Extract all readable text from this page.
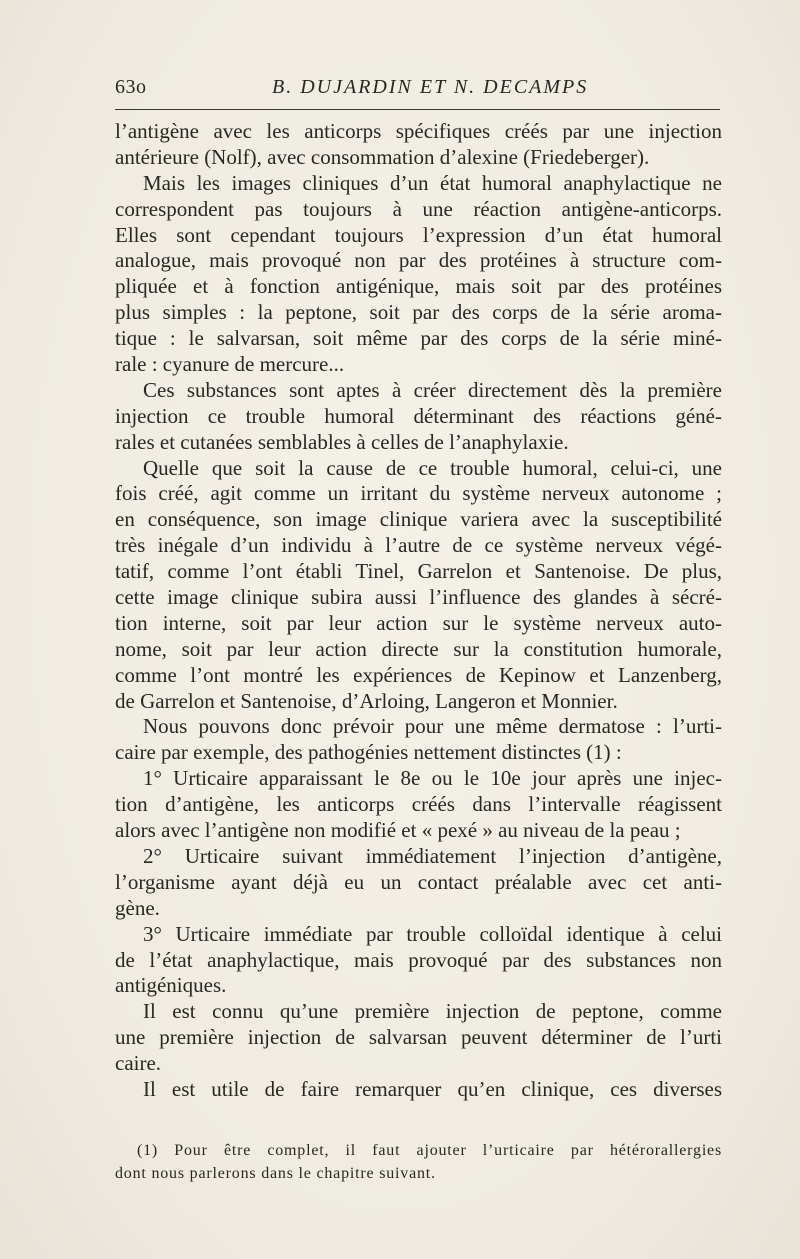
63o	B. DUJARDIN ET N. DECAMPS
l’antigène avec les anticorps spécifiques créés par une injection
antérieure (Nolf), avec consommation d’alexine (Friedeberger).
Mais les images cliniques d’un état humoral anaphylactique ne
correspondent pas toujours à une réaction antigène-anticorps.
Elles sont cependant toujours l’expression d’un état humoral
analogue, mais provoqué non par des protéines à structure com-
pliquée et à fonction antigénique, mais soit par des protéines
plus simples : la peptone, soit par des corps de la série aroma-
tique : le salvarsan, soit même par des corps de la série miné-
rale : cyanure de mercure...
Ces substances sont aptes à créer directement dès la première
injection ce trouble humoral déterminant des réactions géné-
rales et cutanées semblables à celles de l’anaphylaxie.
Quelle que soit la cause de ce trouble humoral, celui-ci, une
fois créé, agit comme un irritant du système nerveux autonome ;
en conséquence, son image clinique variera avec la susceptibilité
très inégale d’un individu à l’autre de ce système nerveux végé-
tatif, comme l’ont établi Tinel, Garrelon et Santenoise. De plus,
cette image clinique subira aussi l’influence des glandes à sécré-
tion interne, soit par leur action sur le système nerveux auto-
nome, soit par leur action directe sur la constitution humorale,
comme l’ont montré les expériences de Kepinow et Lanzenberg,
de Garrelon et Santenoise, d’Arloing, Langeron et Monnier.
Nous pouvons donc prévoir pour une même dermatose : l’urti-
caire par exemple, des pathogénies nettement distinctes (1) :
1° Urticaire apparaissant le 8e ou le 10e jour après une injec-
tion d’antigène, les anticorps créés dans l’intervalle réagissent
alors avec l’antigène non modifié et « pexé » au niveau de la peau ;
2° Urticaire suivant immédiatement l’injection d’antigène,
l’organisme ayant déjà eu un contact préalable avec cet anti-
gène.
3° Urticaire immédiate par trouble colloïdal identique à celui
de l’état anaphylactique, mais provoqué par des substances non
antigéniques.
Il est connu qu’une première injection de peptone, comme
une première injection de salvarsan peuvent déterminer de l’urti
caire.
Il est utile de faire remarquer qu’en clinique, ces diverses
(1) Pour être complet, il faut ajouter l’urticaire par hétérorallergies
dont nous parlerons dans le chapitre suivant.
